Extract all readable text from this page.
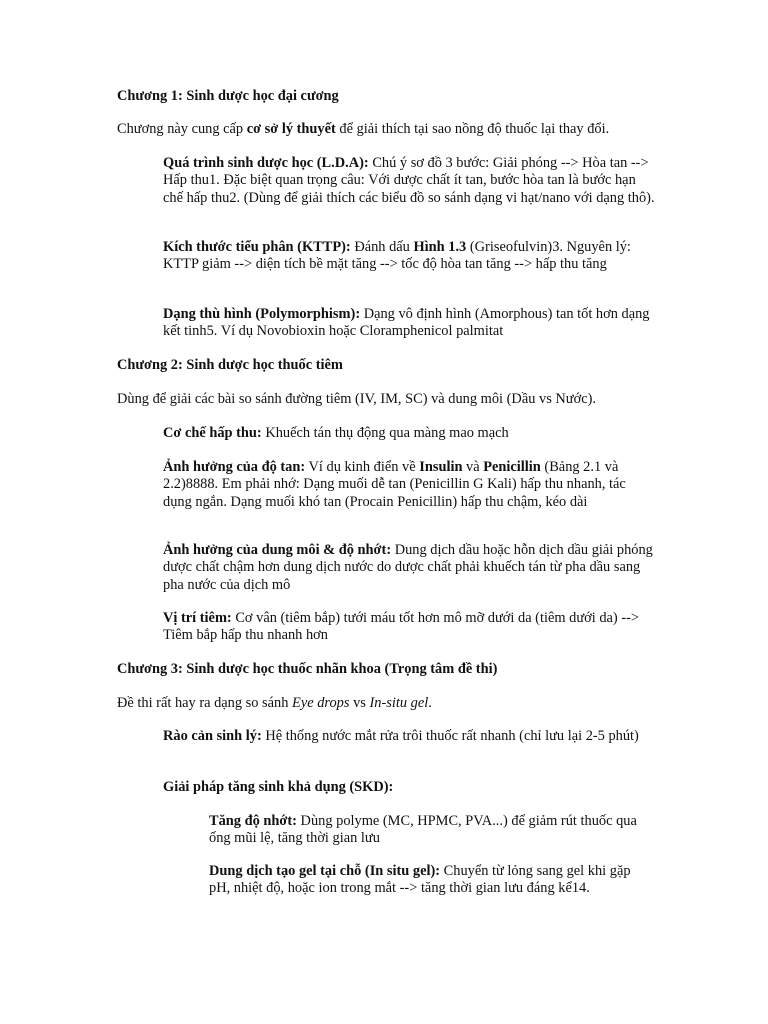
Chương 1: Sinh dược học đại cương

Chương này cung cấp cơ sở lý thuyết để giải thích tại sao nồng độ thuốc lại thay đổi.

Quá trình sinh dược học (L.D.A): Chú ý sơ đồ 3 bước: Giải phóng --> Hòa tan --> Hấp thu1. Đặc biệt quan trọng câu: Với dược chất ít tan, bước hòa tan là bước hạn chế hấp thu2. (Dùng để giải thích các biểu đồ so sánh dạng vi hạt/nano với dạng thô).

Kích thước tiểu phân (KTTP): Đánh dấu Hình 1.3 (Griseofulvin)3. Nguyên lý: KTTP giảm --> diện tích bề mặt tăng --> tốc độ hòa tan tăng --> hấp thu tăng

Dạng thù hình (Polymorphism): Dạng vô định hình (Amorphous) tan tốt hơn dạng kết tinh5. Ví dụ Novobioxin hoặc Cloramphenicol palmitat

Chương 2: Sinh dược học thuốc tiêm

Dùng để giải các bài so sánh đường tiêm (IV, IM, SC) và dung môi (Dầu vs Nước).

Cơ chế hấp thu: Khuếch tán thụ động qua màng mao mạch

Ảnh hưởng của độ tan: Ví dụ kinh điển về Insulin và Penicillin (Bảng 2.1 và 2.2)8888. Em phải nhớ: Dạng muối dễ tan (Penicillin G Kali) hấp thu nhanh, tác dụng ngắn. Dạng muối khó tan (Procain Penicillin) hấp thu chậm, kéo dài

Ảnh hưởng của dung môi & độ nhớt: Dung dịch dầu hoặc hỗn dịch dầu giải phóng dược chất chậm hơn dung dịch nước do dược chất phải khuếch tán từ pha dầu sang pha nước của dịch mô

Vị trí tiêm: Cơ vân (tiêm bắp) tưới máu tốt hơn mô mỡ dưới da (tiêm dưới da) --> Tiêm bắp hấp thu nhanh hơn

Chương 3: Sinh dược học thuốc nhãn khoa (Trọng tâm đề thi)

Đề thi rất hay ra dạng so sánh Eye drops vs In-situ gel.

Rào cản sinh lý: Hệ thống nước mắt rửa trôi thuốc rất nhanh (chỉ lưu lại 2-5 phút)

Giải pháp tăng sinh khả dụng (SKD):

Tăng độ nhớt: Dùng polyme (MC, HPMC, PVA...) để giảm rút thuốc qua ống mũi lệ, tăng thời gian lưu

Dung dịch tạo gel tại chỗ (In situ gel): Chuyển từ lỏng sang gel khi gặp pH, nhiệt độ, hoặc ion trong mắt --> tăng thời gian lưu đáng kể14.
